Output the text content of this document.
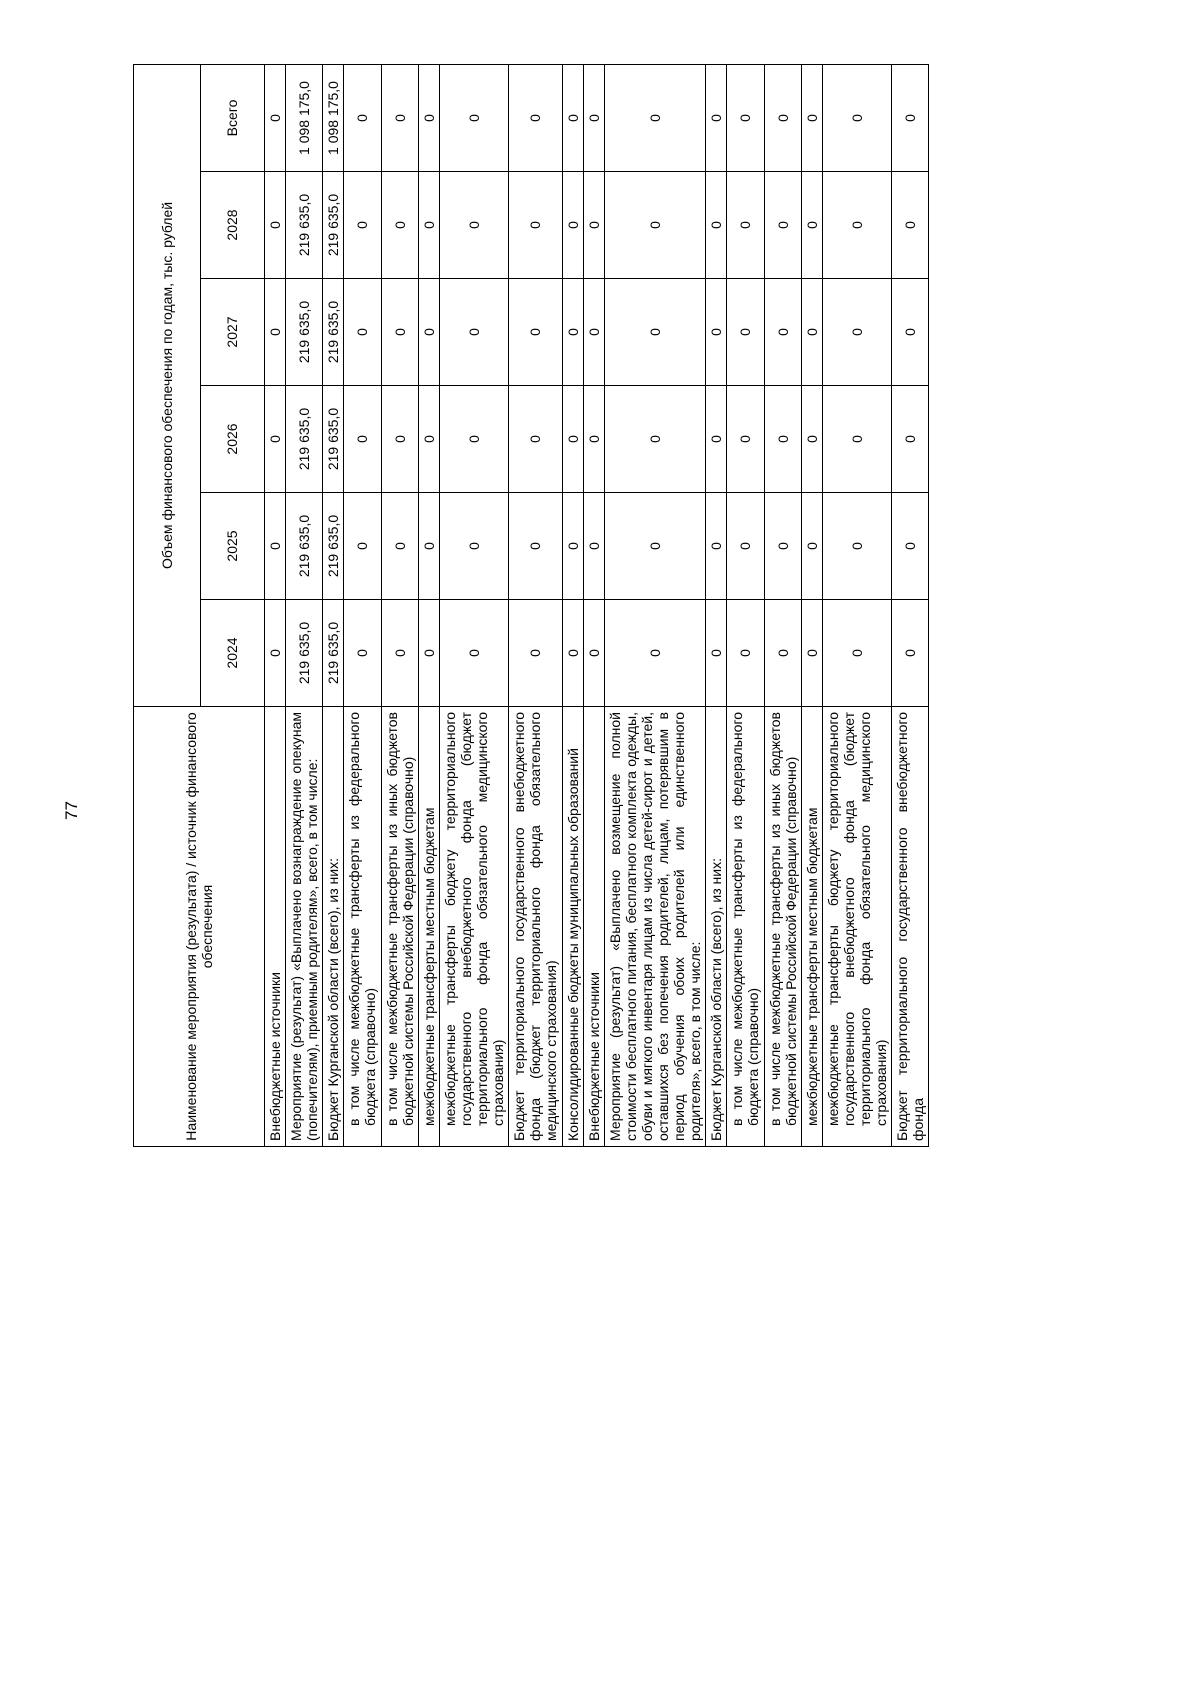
77	Наименование мероприятия (результата) / источник финансового обеспечения	Объем финансового обеспечения по годам, тыс. рублей					
	2024	2025	2026	2027	2028	Всего
Внебюджетные источники	0	0	0	0	0	0
Мероприятие (результат) «Выплачено вознаграждение опекунам (попечителям), приемным родителям», всего, в том числе:	219 635,0	219 635,0	219 635,0	219 635,0	219 635,0	1 098 175,0
Бюджет Курганской области (всего), из них:	219 635,0	219 635,0	219 635,0	219 635,0	219 635,0	1 098 175,0
в том числе межбюджетные трансферты из федерального бюджета (справочно)	0	0	0	0	0	0
в том числе межбюджетные трансферты из иных бюджетов бюджетной системы Российской Федерации (справочно)	0	0	0	0	0	0
межбюджетные трансферты местным бюджетам	0	0	0	0	0	0
межбюджетные трансферты бюджету территориального государственного внебюджетного фонда (бюджет территориального фонда обязательного медицинского страхования)	0	0	0	0	0	0
Бюджет территориального государственного внебюджетного фонда (бюджет территориального фонда обязательного медицинского страхования)	0	0	0	0	0	0
Консолидированные бюджеты муниципальных образований	0	0	0	0	0	0
Внебюджетные источники	0	0	0	0	0	0
Мероприятие (результат) «Выплачено возмещение полной стоимости бесплатного питания, бесплатного комплекта одежды, обуви и мягкого инвентаря лицам из числа детей-сирот и детей, оставшихся без попечения родителей, лицам, потерявшим в период обучения обоих родителей или единственного родителя», всего, в том числе:	0	0	0	0	0	0
Бюджет Курганской области (всего), из них:	0	0	0	0	0	0
в том числе межбюджетные трансферты из федерального бюджета (справочно)	0	0	0	0	0	0
в том числе межбюджетные трансферты из иных бюджетов бюджетной системы Российской Федерации (справочно)	0	0	0	0	0	0
межбюджетные трансферты местным бюджетам	0	0	0	0	0	0
межбюджетные трансферты бюджету территориального государственного внебюджетного фонда (бюджет территориального фонда обязательного медицинского страхования)	0	0	0	0	0	0
Бюджет территориального государственного внебюджетного фонда	0	0	0	0	0	0
